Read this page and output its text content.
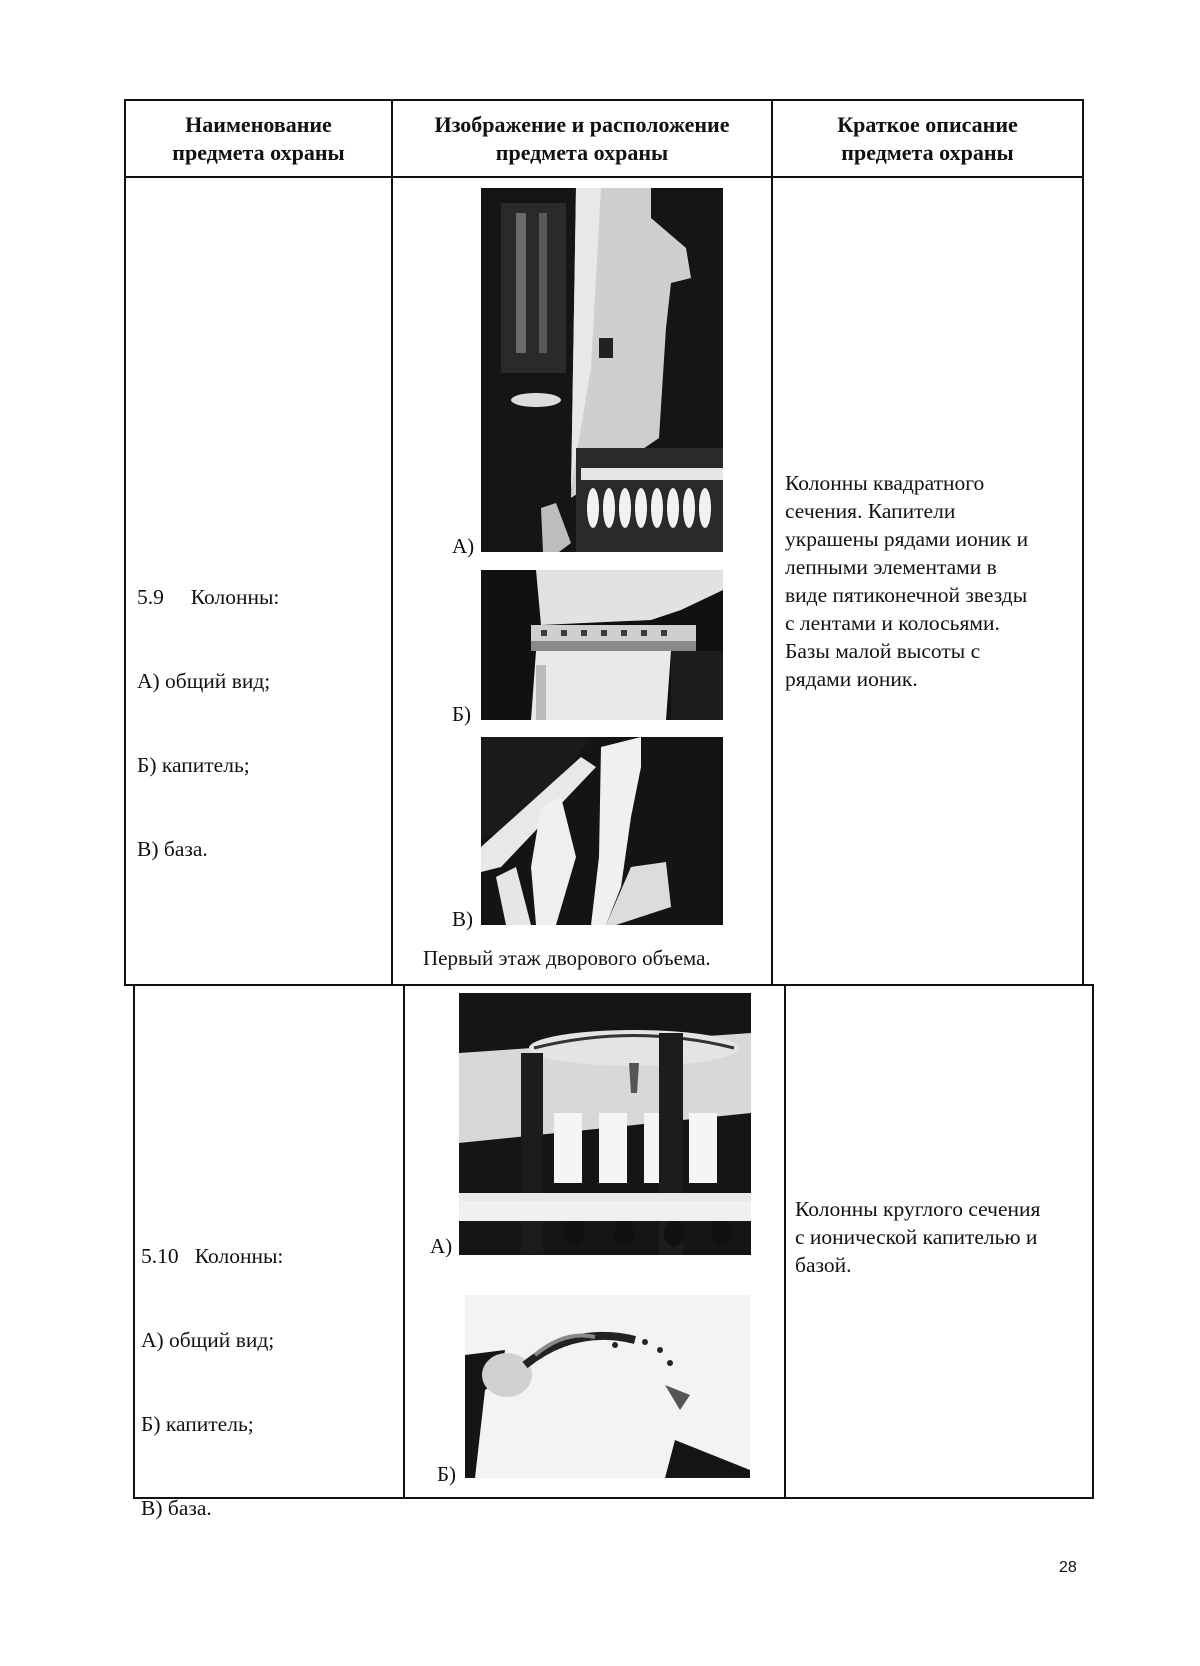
Наименование
предмета охраны
Изображение и расположение
предмета охраны
Краткое описание
предмета охраны

5.9     Колонны:

А) общий вид;

Б) капитель;

В) база.

А)
Б)
В)
Первый этаж дворового объема.
Колонны квадратного
сечения. Капители
украшены рядами ионик и
лепными элементами в
виде пятиконечной звезды
с лентами и колосьями.
Базы малой высоты с
рядами ионик.

5.10   Колонны:

А) общий вид;

Б) капитель;

В) база.

А)
Б)
Колонны круглого сечения
с ионической капителью и
базой.
28
